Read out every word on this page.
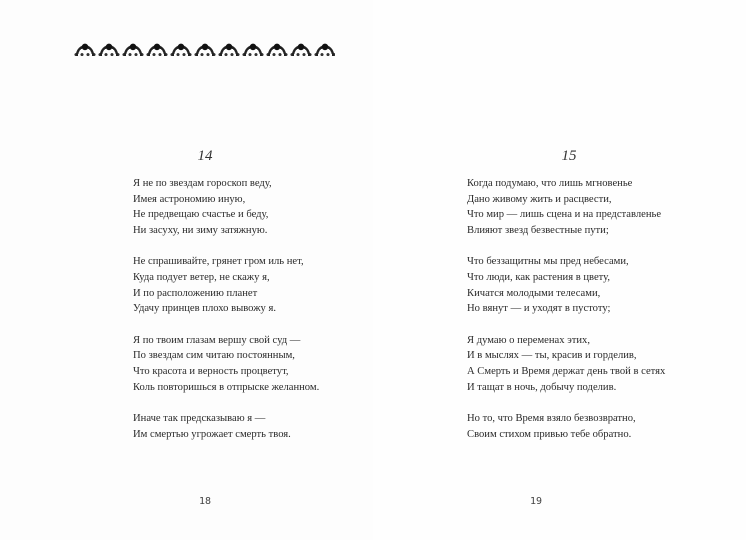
14
Я не по звездам гороскоп веду,
Имея астрономию иную,
Не предвещаю счастье и беду,
Ни засуху, ни зиму затяжную.
Не спрашивайте, грянет гром иль нет,
Куда подует ветер, не скажу я,
И по расположению планет
Удачу принцев плохо вывожу я.
Я по твоим глазам вершу свой суд —
По звездам сим читаю постоянным,
Что красота и верность процветут,
Коль повторишься в отпрыске желанном.
Иначе так предсказываю я —
Им смертью угрожает смерть твоя.
18
15
Когда подумаю, что лишь мгновенье
Дано живому жить и расцвести,
Что мир — лишь сцена и на представленье
Влияют звезд безвестные пути;
Что беззащитны мы пред небесами,
Что люди, как растения в цвету,
Кичатся молодыми телесами,
Но вянут — и уходят в пустоту;
Я думаю о переменах этих,
И в мыслях — ты, красив и горделив,
А Смерть и Время держат день твой в сетях
И тащат в ночь, добычу поделив.
Но то, что Время взяло безвозвратно,
Своим стихом привью тебе обратно.
19
